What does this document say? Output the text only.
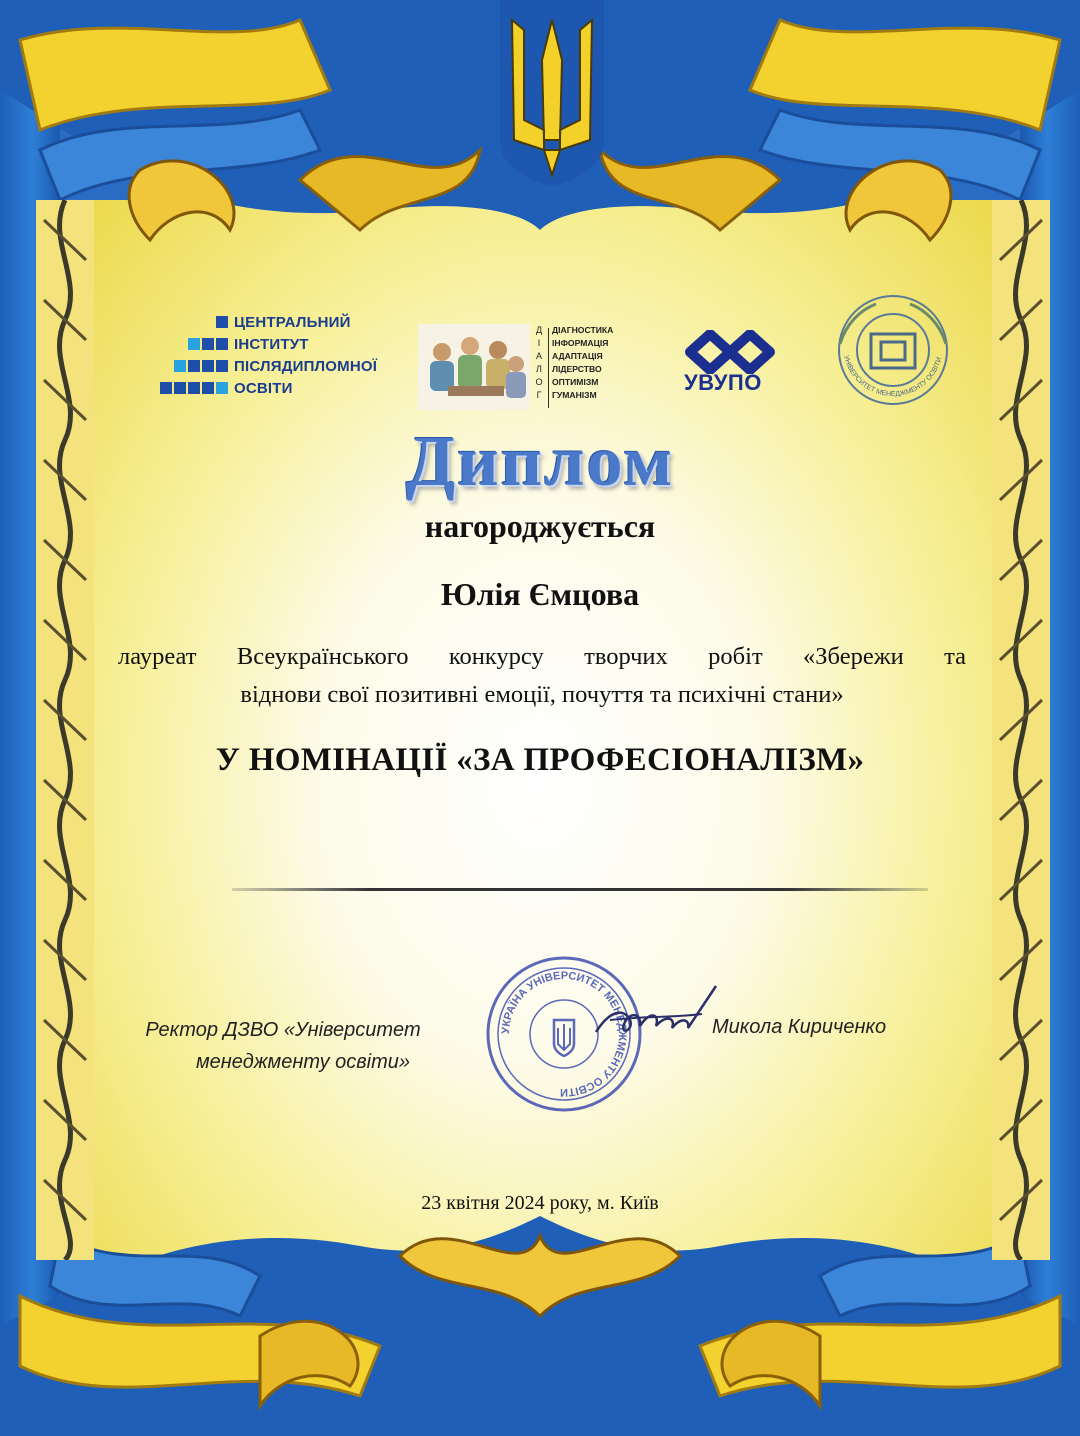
ЦЕНТРАЛЬНИЙ
ІНСТИТУТ
ПІСЛЯДИПЛОМНОЇ
ОСВІТИ
Д
І
А
Л
О
Г
ДІАГНОСТИКА
ІНФОРМАЦІЯ
АДАПТАЦІЯ
ЛІДЕРСТВО
ОПТИМІЗМ
ГУМАНІЗМ	УВУПО
УНІВЕРСИТЕТ МЕНЕДЖМЕНТУ ОСВІТИ
Диплом
нагороджується
Юлія Ємцова
лауреат Всеукраїнського конкурсу творчих робіт «Збережи та
віднови свої позитивні емоції, почуття та психічні стани»
У НОМІНАЦІЇ «ЗА ПРОФЕСІОНАЛІЗМ»
Ректор ДЗВО «Університет
менеджменту освіти»
УКРАЇНА УНІВЕРСИТЕТ МЕНЕДЖМЕНТУ ОСВІТИ
Микола Кириченко
23 квітня 2024 року, м. Київ
